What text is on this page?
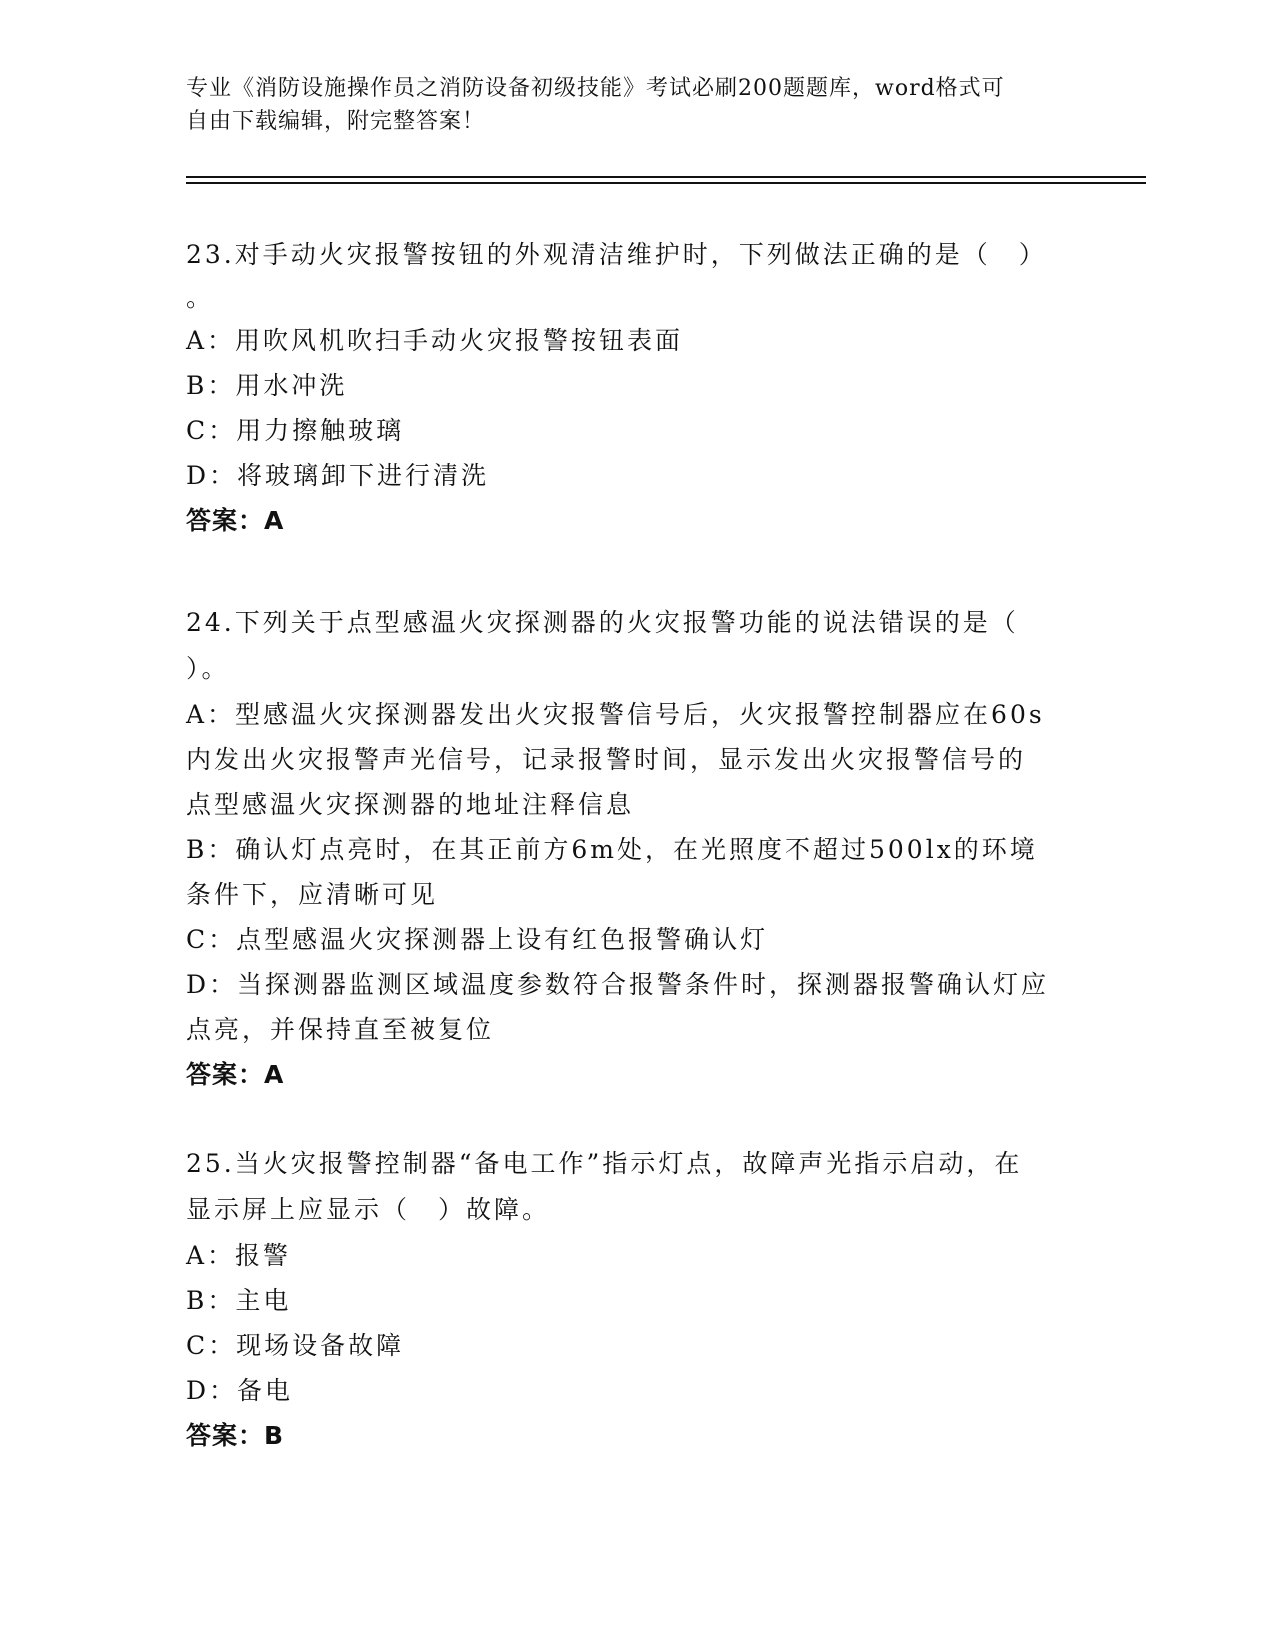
专业《消防设施操作员之消防设备初级技能》考试必刷200题题库，word格式可
自由下载编辑，附完整答案！

23.对手动火灾报警按钮的外观清洁维护时，下列做法正确的是（　）

。

A：用吹风机吹扫手动火灾报警按钮表面

B：用水冲洗

C：用力擦触玻璃

D：将玻璃卸下进行清洗

答案：A

24.下列关于点型感温火灾探测器的火灾报警功能的说法错误的是（

）。

A：型感温火灾探测器发出火灾报警信号后，火灾报警控制器应在60s

内发出火灾报警声光信号，记录报警时间，显示发出火灾报警信号的

点型感温火灾探测器的地址注释信息

B：确认灯点亮时，在其正前方6m处，在光照度不超过500lx的环境

条件下，应清晰可见

C：点型感温火灾探测器上设有红色报警确认灯

D：当探测器监测区域温度参数符合报警条件时，探测器报警确认灯应

点亮，并保持直至被复位

答案：A

25.当火灾报警控制器“备电工作”指示灯点，故障声光指示启动，在

显示屏上应显示（　）故障。

A：报警

B：主电

C：现场设备故障

D：备电

答案：B
